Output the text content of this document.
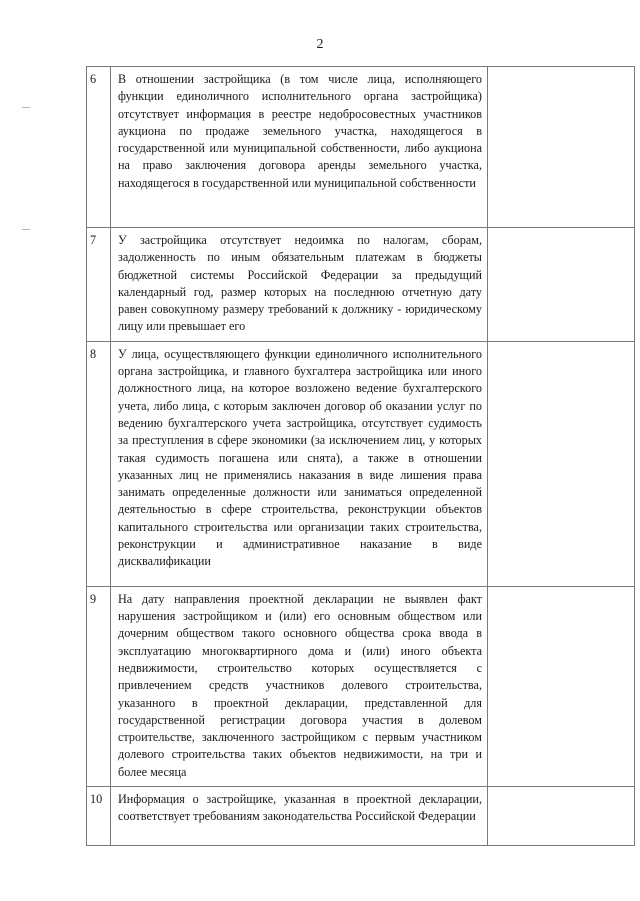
2
6	В отношении застройщика (в том числе лица, исполняющего функции единоличного исполнительного органа застройщика) отсутствует информация в реестре недобросовестных участников аукциона по продаже земельного участка, находящегося в государственной или муниципальной собственности, либо аукциона на право заключения договора аренды земельного участка, находящегося в государственной или муниципальной собственности	
7	У застройщика отсутствует недоимка по налогам, сборам, задолженность по иным обязательным платежам в бюджеты бюджетной системы Российской Федерации за предыдущий календарный год, размер которых на последнюю отчетную дату равен совокупному размеру требований к должнику - юридическому лицу или превышает его	
8	У лица, осуществляющего функции единоличного исполнительного органа застройщика, и главного бухгалтера застройщика или иного должностного лица, на которое возложено ведение бухгалтерского учета, либо лица, с которым заключен договор об оказании услуг по ведению бухгалтерского учета застройщика, отсутствует судимость за преступления в сфере экономики (за исключением лиц, у которых такая судимость погашена или снята), а также в отношении указанных лиц не применялись наказания в виде лишения права занимать определенные должности или заниматься определенной деятельностью в сфере строительства, реконструкции объектов капитального строительства или организации таких строительства, реконструкции и административное наказание в виде дисквалификации	
9	На дату направления проектной декларации не выявлен факт нарушения застройщиком и (или) его основным обществом или дочерним обществом такого основного общества срока ввода в эксплуатацию многоквартирного дома и (или) иного объекта недвижимости, строительство которых осуществляется с привлечением средств участников долевого строительства, указанного в проектной декларации, представленной для государственной регистрации договора участия в долевом строительстве, заключенного застройщиком с первым участником долевого строительства таких объектов недвижимости, на три и более месяца	
10	Информация о застройщике, указанная в проектной декларации, соответствует требованиям законодательства Российской Федерации	
